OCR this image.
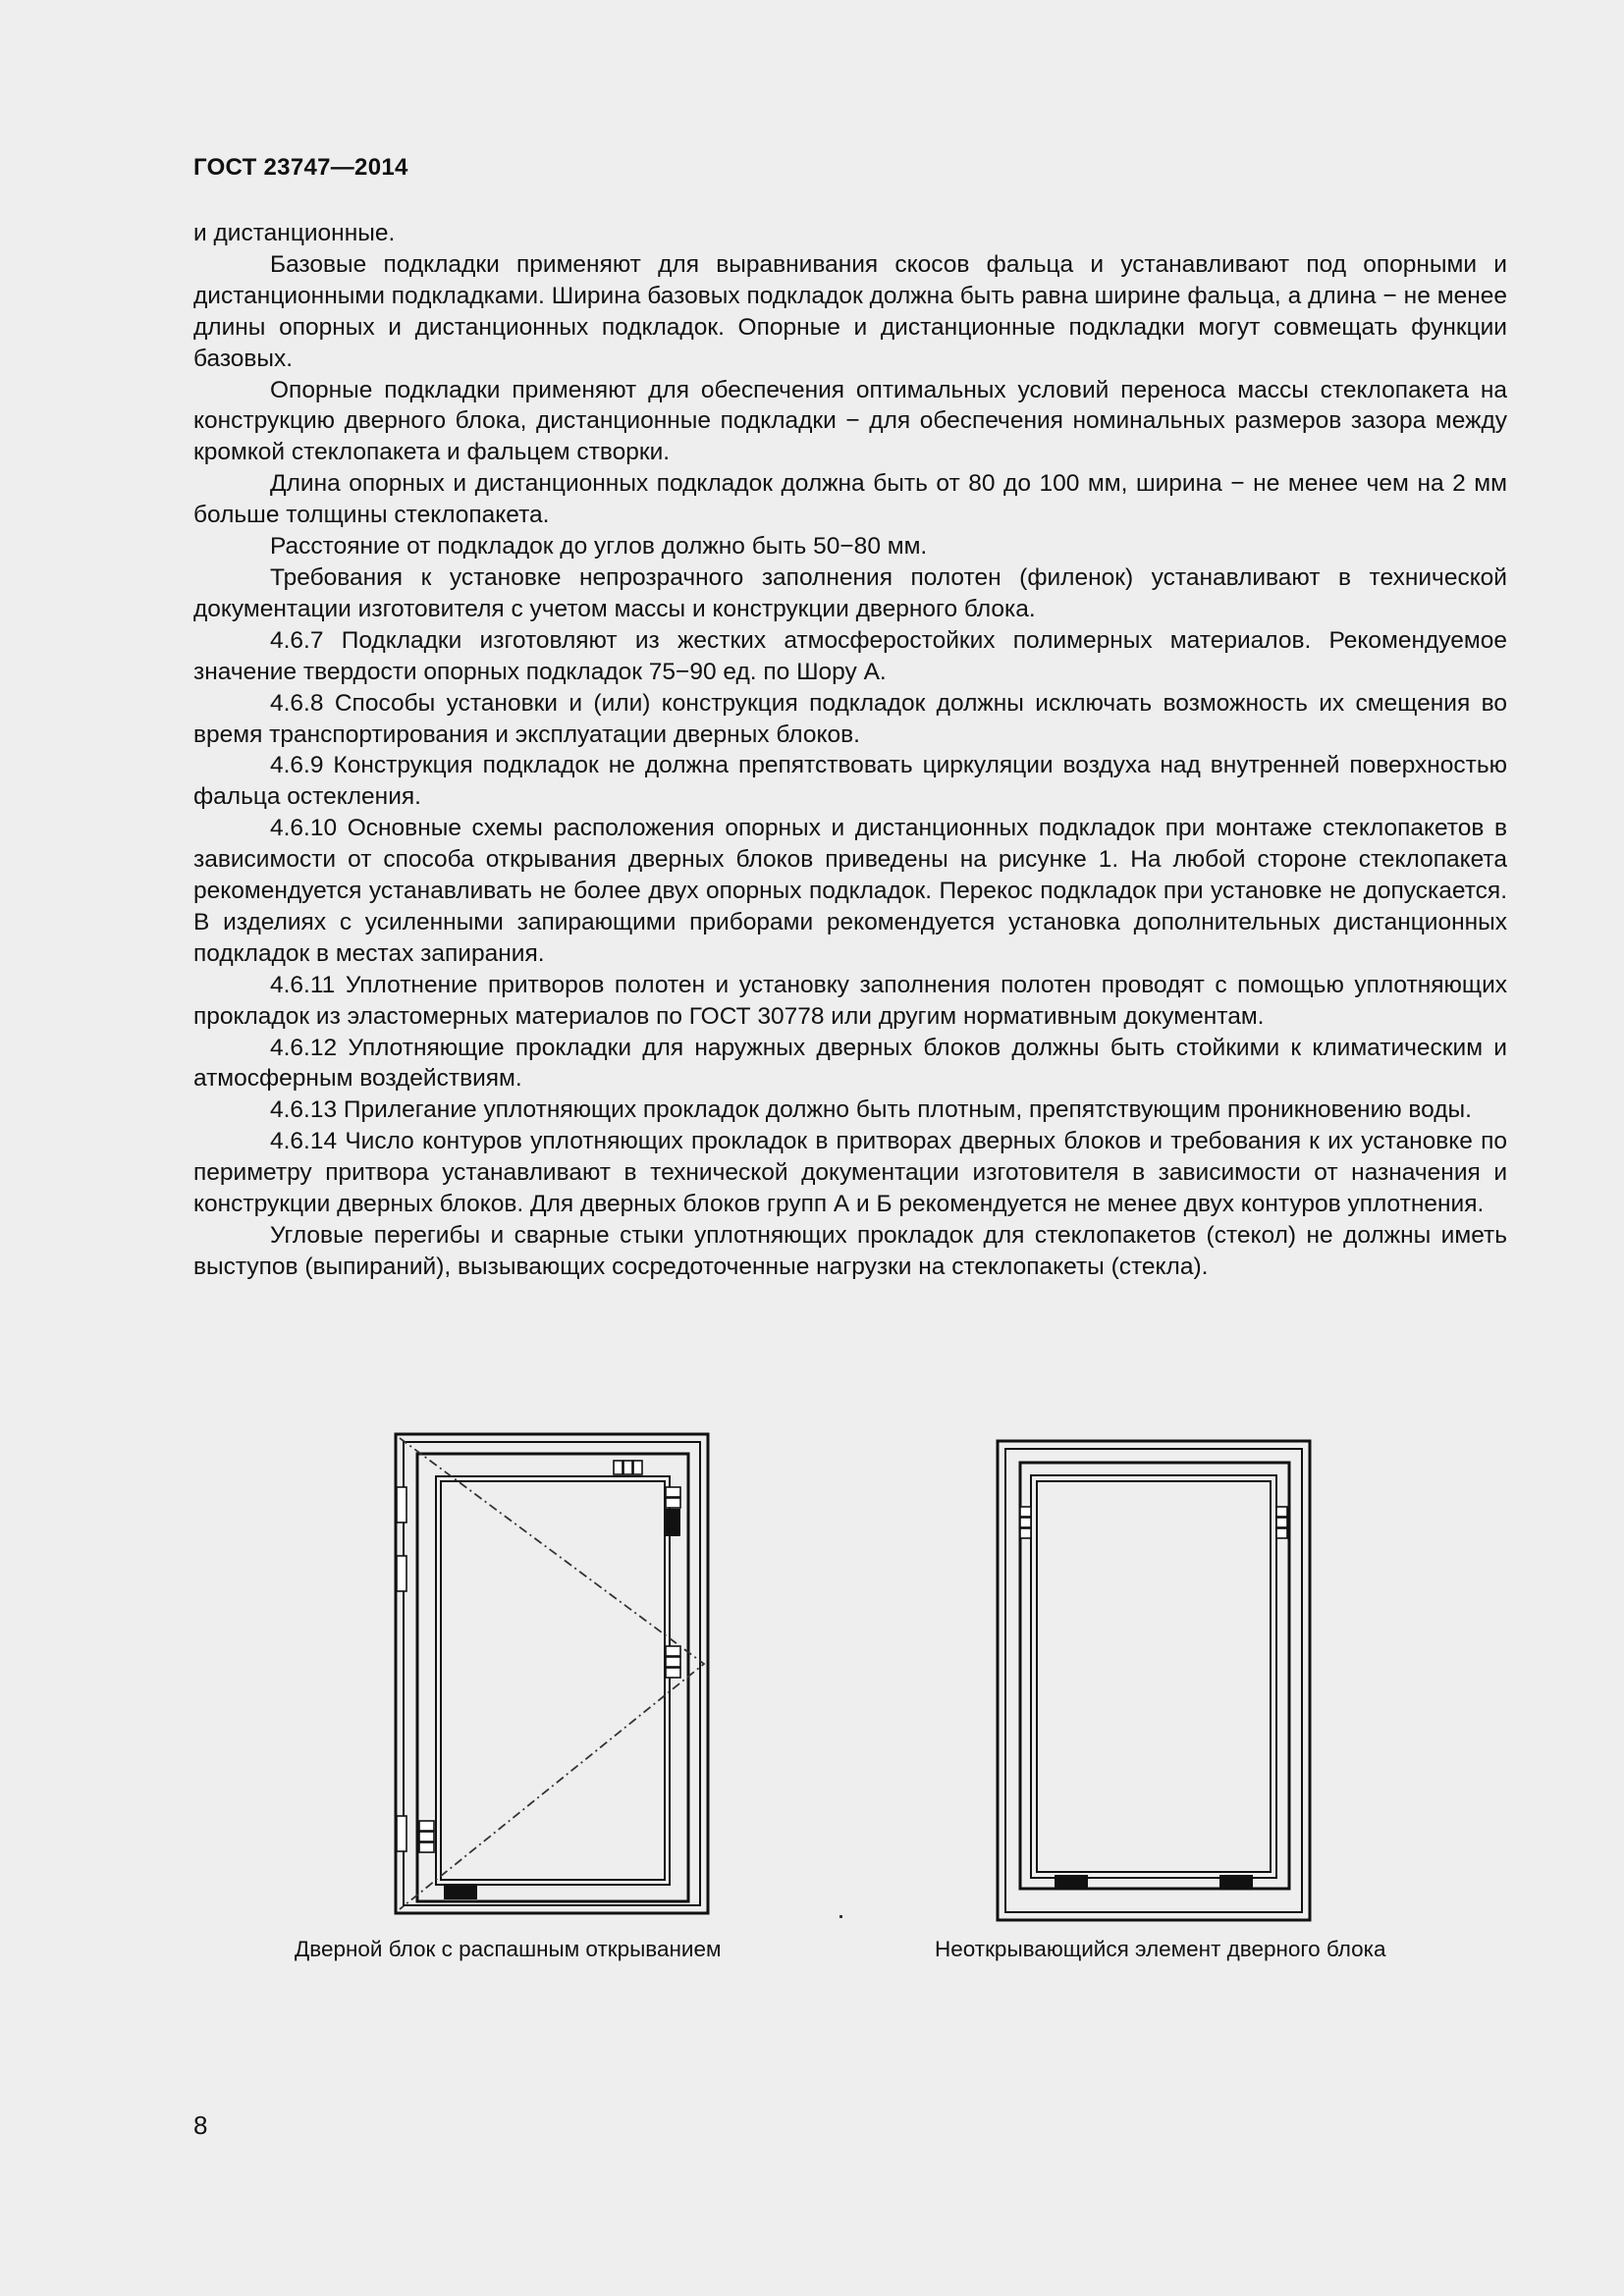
ГОСТ 23747—2014

и дистанционные.

Базовые подкладки применяют для выравнивания скосов фальца и устанавливают под опорными и дистанционными подкладками. Ширина базовых подкладок должна быть равна ширине фальца, а длина − не менее длины опорных и дистанционных подкладок. Опорные и дистанционные подкладки могут совмещать функции базовых.

Опорные подкладки применяют для обеспечения оптимальных условий переноса массы стеклопакета на конструкцию дверного блока, дистанционные подкладки − для обеспечения номинальных размеров зазора между кромкой стеклопакета и фальцем створки.

Длина опорных и дистанционных подкладок должна быть от 80 до 100 мм, ширина − не менее чем на 2 мм больше толщины стеклопакета.

Расстояние от подкладок до углов должно быть 50−80 мм.

Требования к установке непрозрачного заполнения полотен (филенок) устанавливают в технической документации изготовителя с учетом массы и конструкции дверного блока.

4.6.7 Подкладки изготовляют из жестких атмосферостойких полимерных материалов. Рекомендуемое значение твердости опорных подкладок 75−90 ед. по Шору А.

4.6.8 Способы установки и (или) конструкция подкладок должны исключать возможность их смещения во время транспортирования и эксплуатации дверных блоков.

4.6.9 Конструкция подкладок не должна препятствовать циркуляции воздуха над внутренней поверхностью фальца остекления.

4.6.10 Основные схемы расположения опорных и дистанционных подкладок при монтаже стеклопакетов в зависимости от способа открывания дверных блоков приведены на рисунке 1. На любой стороне стеклопакета рекомендуется устанавливать не более двух опорных подкладок. Перекос подкладок при установке не допускается. В изделиях с усиленными запирающими приборами рекомендуется установка дополнительных дистанционных подкладок в местах запирания.

4.6.11 Уплотнение притворов полотен и установку заполнения полотен проводят с помощью уплотняющих прокладок из эластомерных материалов по ГОСТ 30778 или другим нормативным документам.

4.6.12 Уплотняющие прокладки для наружных дверных блоков должны быть стойкими к климатическим и атмосферным воздействиям.

4.6.13 Прилегание уплотняющих прокладок должно быть плотным, препятствующим проникновению воды.

4.6.14 Число контуров уплотняющих прокладок в притворах дверных блоков и требования к их установке по периметру притвора устанавливают в технической документации изготовителя в зависимости от назначения и конструкции дверных блоков. Для дверных блоков групп А и Б рекомендуется не менее двух контуров уплотнения.

Угловые перегибы и сварные стыки уплотняющих прокладок для стеклопакетов (стекол) не должны иметь выступов (выпираний), вызывающих сосредоточенные нагрузки на стеклопакеты (стекла).

Дверной блок с распашным открыванием	Неоткрывающийся элемент дверного блока
8
